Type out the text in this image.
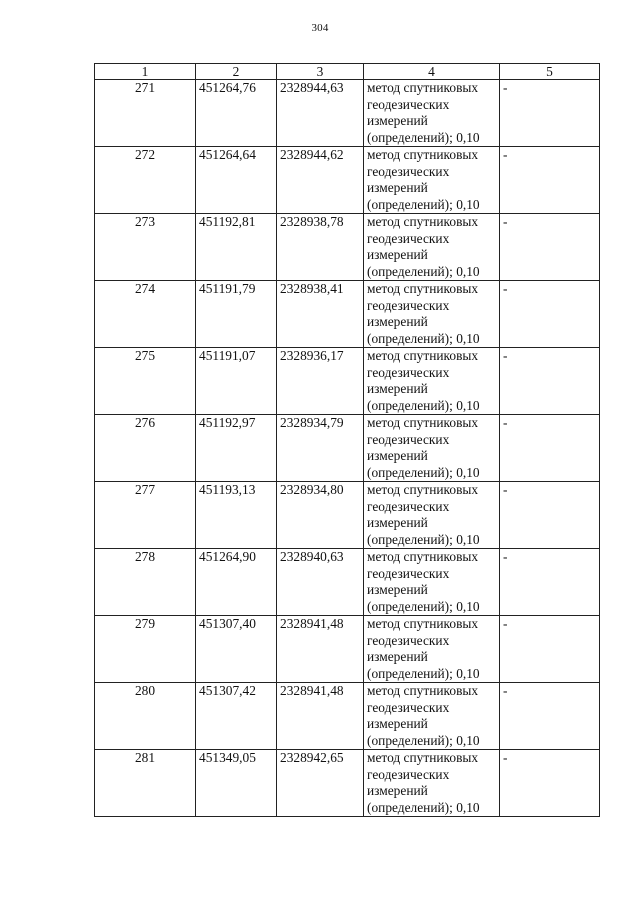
304
1	2	3	4	5
271	451264,76	2328944,63	метод спутниковых
геодезических
измерений
(определений); 0,10	-
272	451264,64	2328944,62	метод спутниковых
геодезических
измерений
(определений); 0,10	-
273	451192,81	2328938,78	метод спутниковых
геодезических
измерений
(определений); 0,10	-
274	451191,79	2328938,41	метод спутниковых
геодезических
измерений
(определений); 0,10	-
275	451191,07	2328936,17	метод спутниковых
геодезических
измерений
(определений); 0,10	-
276	451192,97	2328934,79	метод спутниковых
геодезических
измерений
(определений); 0,10	-
277	451193,13	2328934,80	метод спутниковых
геодезических
измерений
(определений); 0,10	-
278	451264,90	2328940,63	метод спутниковых
геодезических
измерений
(определений); 0,10	-
279	451307,40	2328941,48	метод спутниковых
геодезических
измерений
(определений); 0,10	-
280	451307,42	2328941,48	метод спутниковых
геодезических
измерений
(определений); 0,10	-
281	451349,05	2328942,65	метод спутниковых
геодезических
измерений
(определений); 0,10	-
